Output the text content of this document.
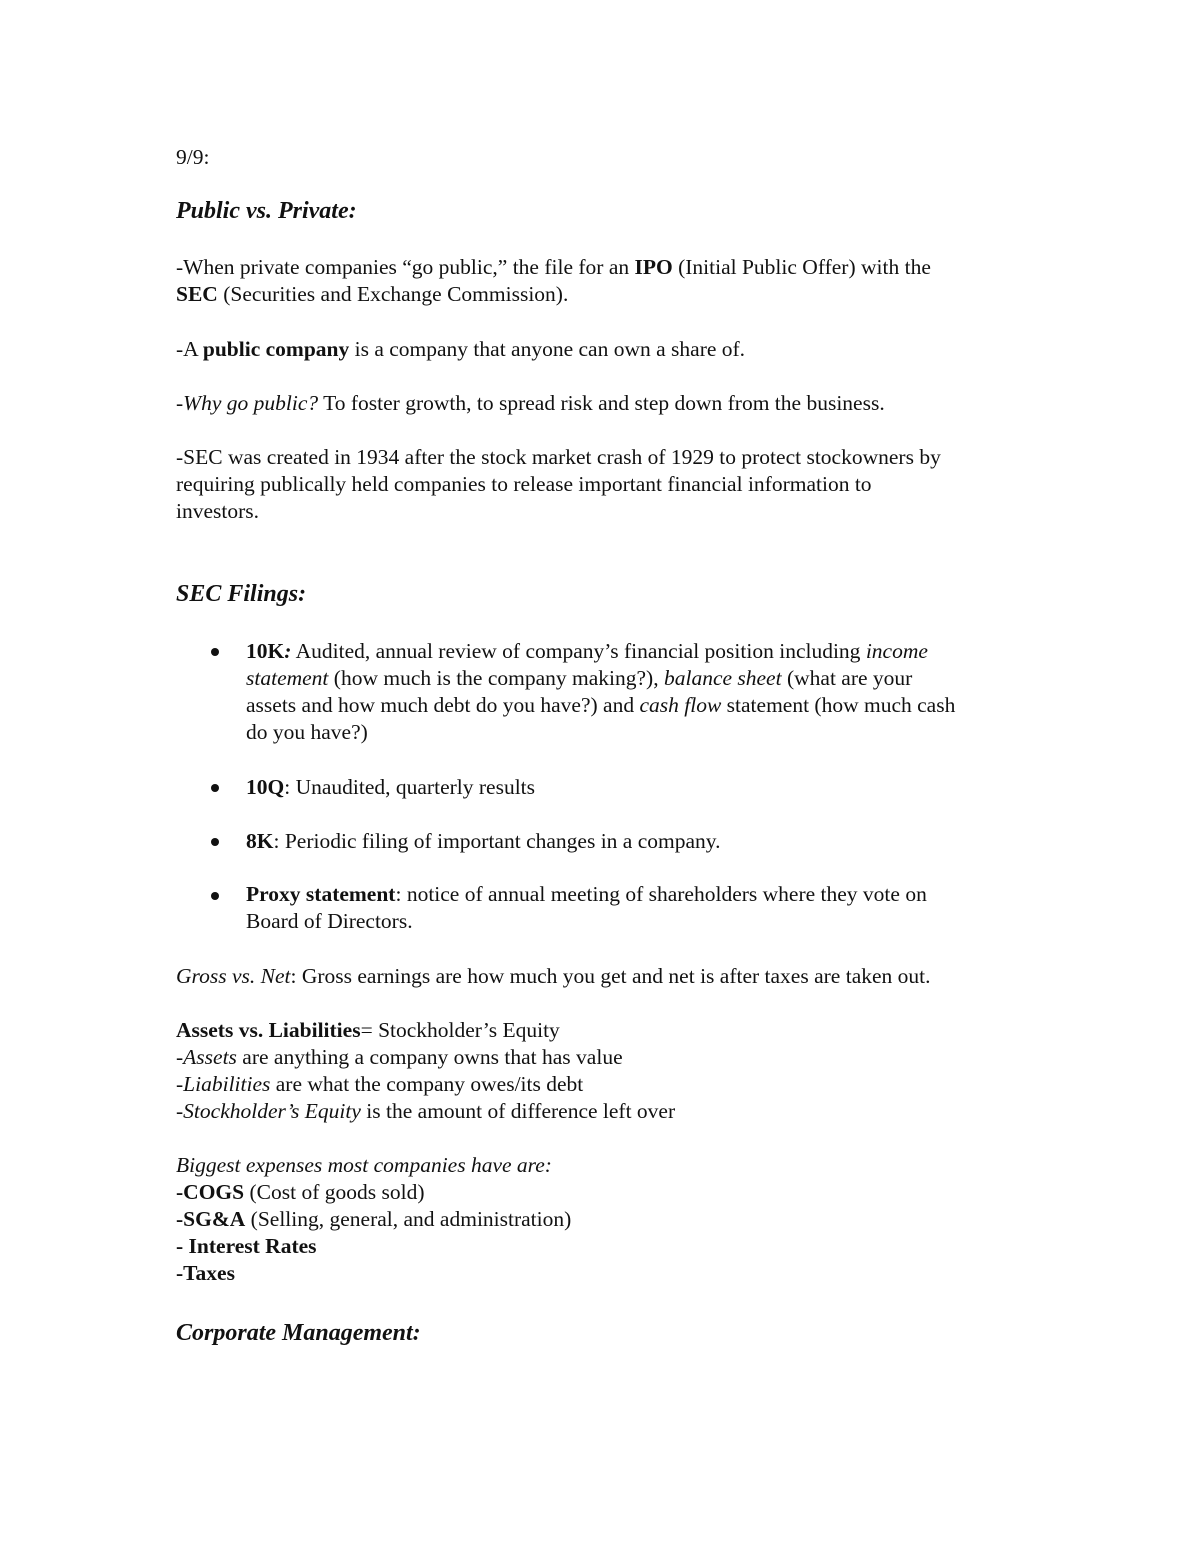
9/9:

Public vs. Private:

-When private companies “go public,” the file for an IPO (Initial Public Offer) with the

SEC (Securities and Exchange Commission).

-A public company is a company that anyone can own a share of.

-Why go public? To foster growth, to spread risk and step down from the business.

-SEC was created in 1934 after the stock market crash of 1929 to protect stockowners by

requiring publically held companies to release important financial information to

investors.

SEC Filings:

10K: Audited, annual review of company’s financial position including income

statement (how much is the company making?), balance sheet (what are your

assets and how much debt do you have?) and cash flow statement (how much cash

do you have?)

10Q: Unaudited, quarterly results

8K: Periodic filing of important changes in a company.

Proxy statement: notice of annual meeting of shareholders where they vote on

Board of Directors.

Gross vs. Net: Gross earnings are how much you get and net is after taxes are taken out.

Assets vs. Liabilities= Stockholder’s Equity

-Assets are anything a company owns that has value

-Liabilities are what the company owes/its debt

-Stockholder’s Equity is the amount of difference left over

Biggest expenses most companies have are:

-COGS (Cost of goods sold)

-SG&A (Selling, general, and administration)

- Interest Rates

-Taxes

Corporate Management:
